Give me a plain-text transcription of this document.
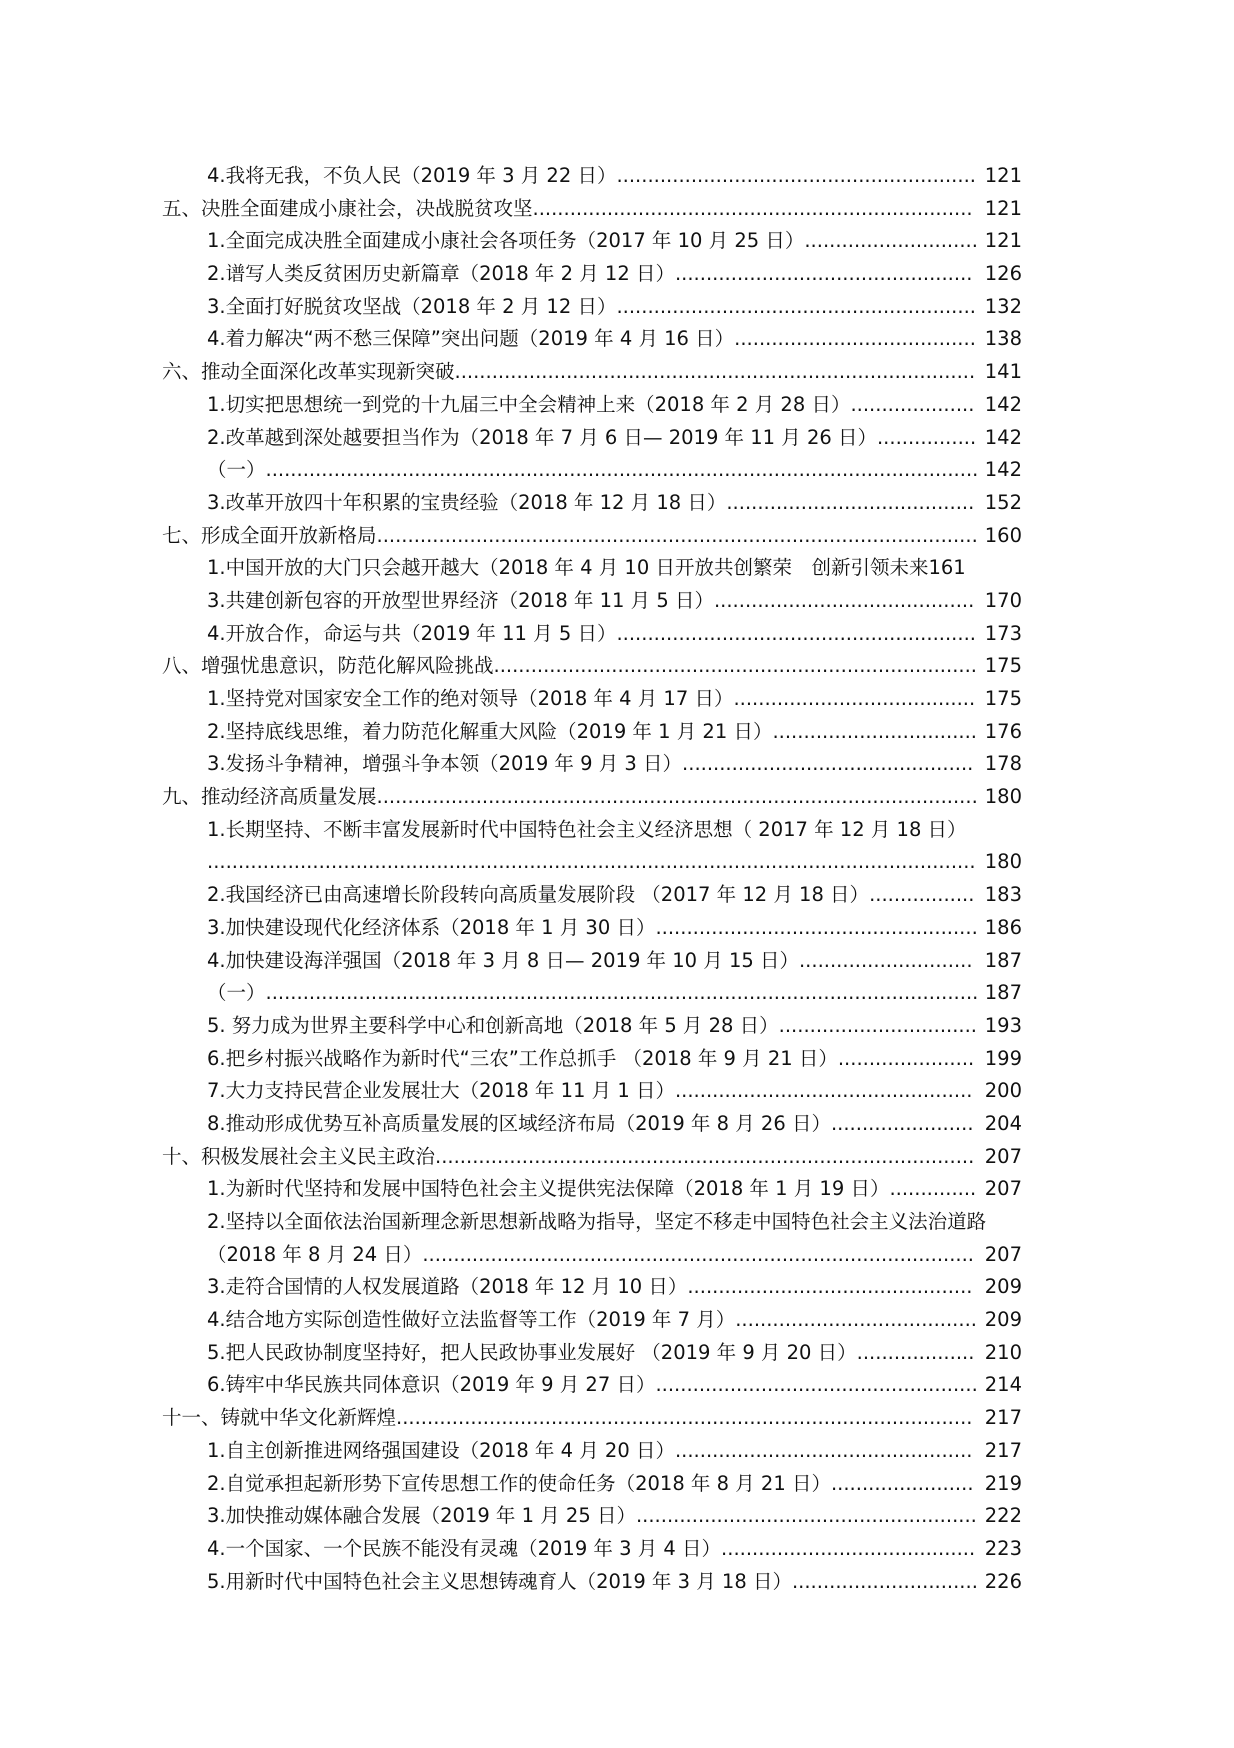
4.我将无我，不负人民（2019 年 3 月 22 日）.......................................................... 121
五、决胜全面建成小康社会，决战脱贫攻坚....................................................................... 121
1.全面完成决胜全面建成小康社会各项任务（2017 年 10 月 25 日）............................ 121
2.谱写人类反贫困历史新篇章（2018 年 2 月 12 日）................................................ 126
3.全面打好脱贫攻坚战（2018 年 2 月 12 日）.......................................................... 132
4.着力解决“两不愁三保障”突出问题（2019 年 4 月 16 日）....................................... 138
六、推动全面深化改革实现新突破.................................................................................... 141
1.切实把思想统一到党的十九届三中全会精神上来（2018 年 2 月 28 日）.................... 142
2.改革越到深处越要担当作为（2018 年 7 月 6 日— 2019 年 11 月 26 日）................ 142
（一）................................................................................................................... 142
3.改革开放四十年积累的宝贵经验（2018 年 12 月 18 日）........................................ 152
七、形成全面开放新格局................................................................................................. 160
1.中国开放的大门只会越开越大（2018 年 4 月 10 日开放共创繁荣　创新引领未来161
3.共建创新包容的开放型世界经济（2018 年 11 月 5 日）.......................................... 170
4.开放合作，命运与共（2019 年 11 月 5 日）.......................................................... 173
八、增强忧患意识，防范化解风险挑战.............................................................................. 175
1.坚持党对国家安全工作的绝对领导（2018 年 4 月 17 日）....................................... 175
2.坚持底线思维，着力防范化解重大风险（2019 年 1 月 21 日）................................. 176
3.发扬斗争精神，增强斗争本领（2019 年 9 月 3 日）............................................... 178
九、推动经济高质量发展................................................................................................. 180
1.长期坚持、不断丰富发展新时代中国特色社会主义经济思想（ 2017 年 12 月 18 日）
............................................................................................................................ 180
2.我国经济已由高速增长阶段转向高质量发展阶段 （2017 年 12 月 18 日）................. 183
3.加快建设现代化经济体系（2018 年 1 月 30 日）.................................................... 186
4.加快建设海洋强国（2018 年 3 月 8 日— 2019 年 10 月 15 日）............................ 187
（一）................................................................................................................... 187
5. 努力成为世界主要科学中心和创新高地（2018 年 5 月 28 日）................................ 193
6.把乡村振兴战略作为新时代“三农”工作总抓手 （2018 年 9 月 21 日）...................... 199
7.大力支持民营企业发展壮大（2018 年 11 月 1 日）................................................ 200
8.推动形成优势互补高质量发展的区域经济布局（2019 年 8 月 26 日）....................... 204
十、积极发展社会主义民主政治....................................................................................... 207
1.为新时代坚持和发展中国特色社会主义提供宪法保障（2018 年 1 月 19 日）.............. 207
2.坚持以全面依法治国新理念新思想新战略为指导，坚定不移走中国特色社会主义法治道路
（2018 年 8 月 24 日）......................................................................................... 207
3.走符合国情的人权发展道路（2018 年 12 月 10 日）.............................................. 209
4.结合地方实际创造性做好立法监督等工作（2019 年 7 月）....................................... 209
5.把人民政协制度坚持好，把人民政协事业发展好 （2019 年 9 月 20 日）................... 210
6.铸牢中华民族共同体意识（2019 年 9 月 27 日）.................................................... 214
十一、铸就中华文化新辉煌............................................................................................. 217
1.自主创新推进网络强国建设（2018 年 4 月 20 日）................................................ 217
2.自觉承担起新形势下宣传思想工作的使命任务（2018 年 8 月 21 日）....................... 219
3.加快推动媒体融合发展（2019 年 1 月 25 日）....................................................... 222
4.一个国家、一个民族不能没有灵魂（2019 年 3 月 4 日）......................................... 223
5.用新时代中国特色社会主义思想铸魂育人（2019 年 3 月 18 日）.............................. 226
